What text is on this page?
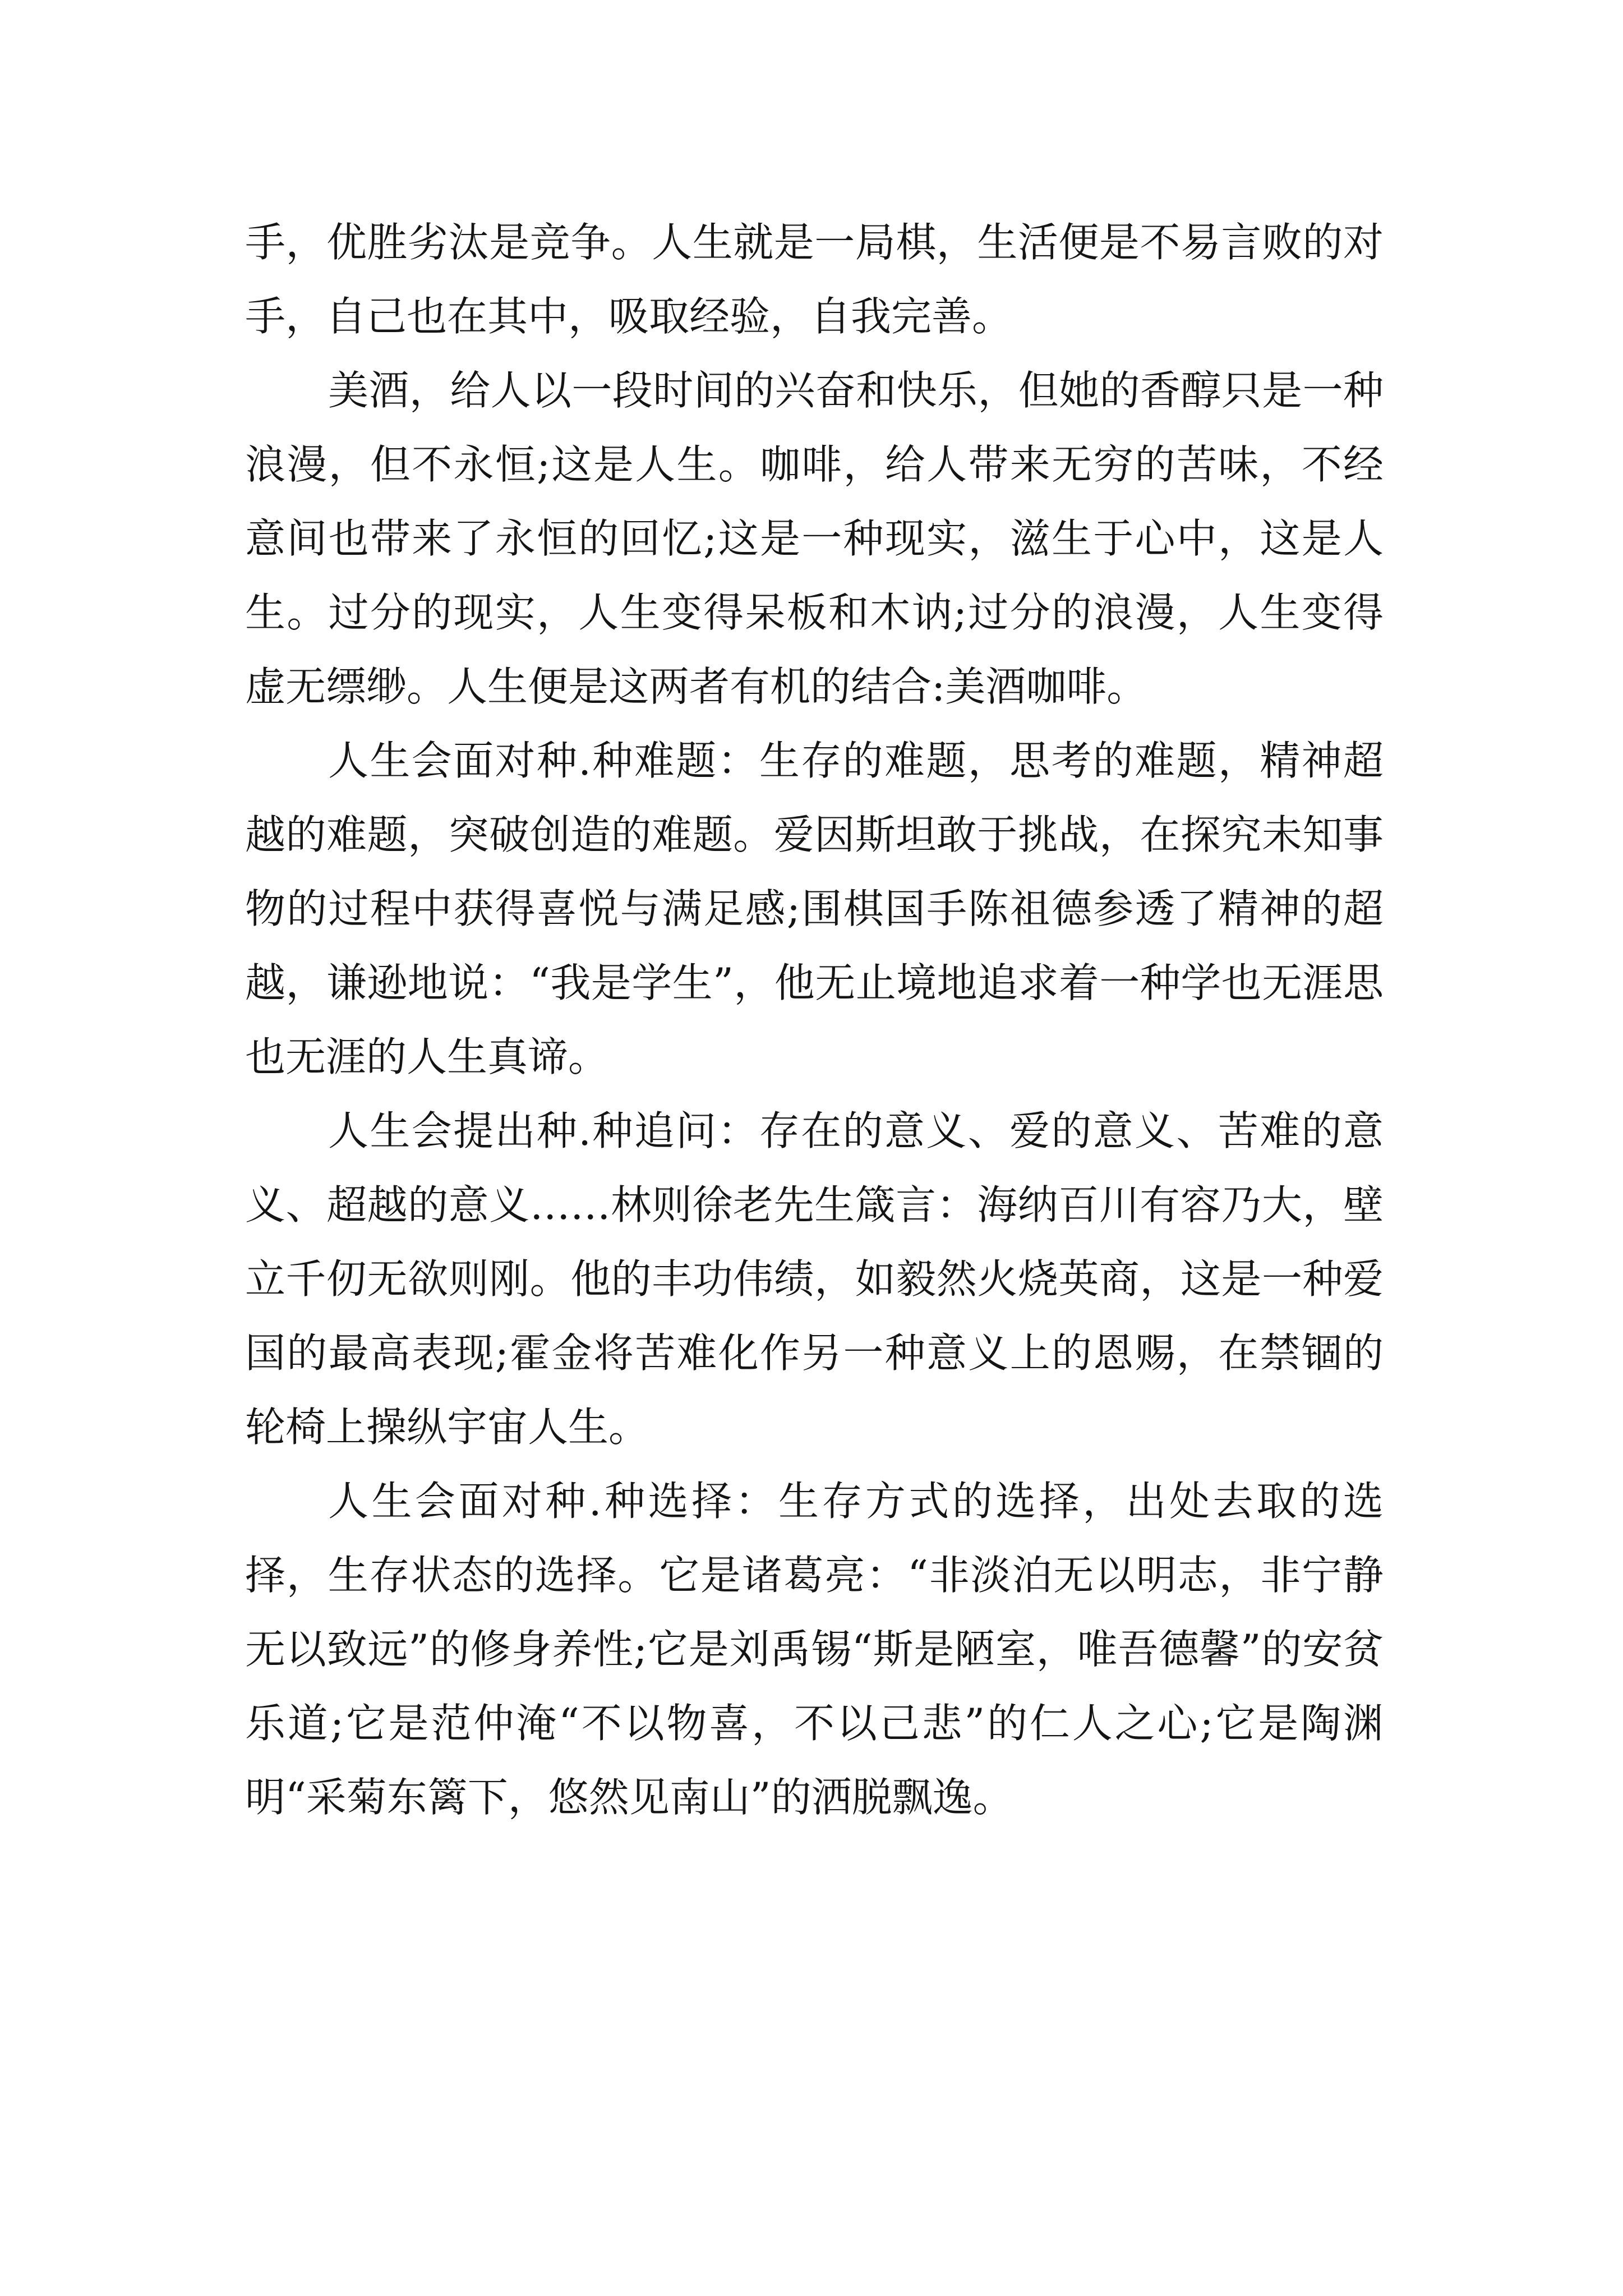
手，优胜劣汰是竞争。人生就是一局棋，生活便是不易言败的对手，自己也在其中，吸取经验，自我完善。

美酒，给人以一段时间的兴奋和快乐，但她的香醇只是一种浪漫，但不永恒;这是人生。咖啡，给人带来无穷的苦味，不经意间也带来了永恒的回忆;这是一种现实，滋生于心中，这是人生。过分的现实，人生变得呆板和木讷;过分的浪漫，人生变得虚无缥缈。人生便是这两者有机的结合:美酒咖啡。

人生会面对种.种难题：生存的难题，思考的难题，精神超越的难题，突破创造的难题。爱因斯坦敢于挑战，在探究未知事物的过程中获得喜悦与满足感;围棋国手陈祖德参透了精神的超越，谦逊地说：“我是学生”，他无止境地追求着一种学也无涯思也无涯的人生真谛。

人生会提出种.种追问：存在的意义、爱的意义、苦难的意义、超越的意义……林则徐老先生箴言：海纳百川有容乃大，壁立千仞无欲则刚。他的丰功伟绩，如毅然火烧英商，这是一种爱国的最高表现;霍金将苦难化作另一种意义上的恩赐，在禁锢的轮椅上操纵宇宙人生。

人生会面对种.种选择：生存方式的选择，出处去取的选择，生存状态的选择。它是诸葛亮：“非淡泊无以明志，非宁静无以致远”的修身养性;它是刘禹锡“斯是陋室，唯吾德馨”的安贫乐道;它是范仲淹“不以物喜，不以己悲”的仁人之心;它是陶渊明“采菊东篱下，悠然见南山”的洒脱飘逸。
